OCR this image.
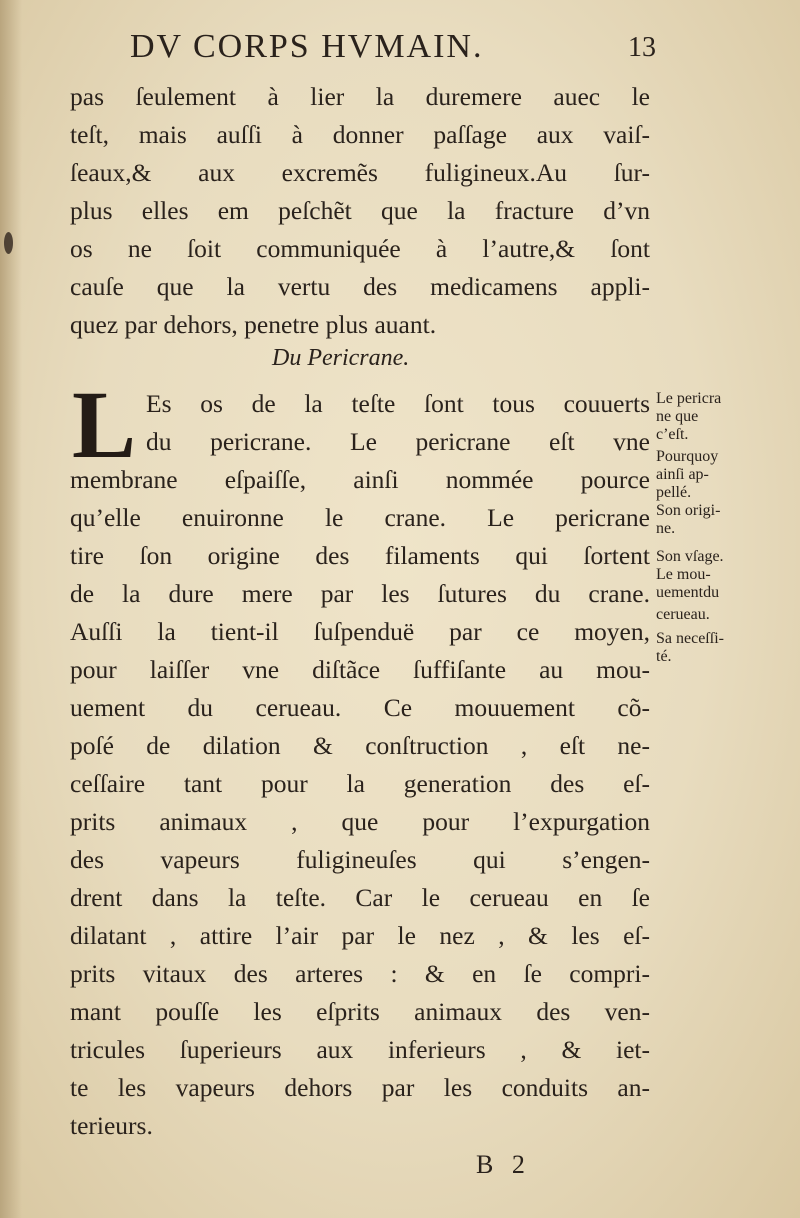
DV CORPS HVMAIN.	13
pas ſeulement à lier la duremere auec le
teſt, mais auſſi à donner paſſage aux vaiſ-
ſeaux,& aux excremẽs fuligineux.Au ſur-
plus elles em peſchẽt que la fracture d’vn
os ne ſoit communiquée à l’autre,& ſont
cauſe que la vertu des medicamens appli-
quez par dehors, penetre plus auant.
Du Pericrane.
L Es os de la teſte ſont tous couuerts
du pericrane. Le pericrane eſt vne
membrane eſpaiſſe, ainſi nommée pource
qu’elle enuironne le crane. Le pericrane
tire ſon origine des filaments qui ſortent
de la dure mere par les ſutures du crane.
Auſſi la tient-il ſuſpenduë par ce moyen,
pour laiſſer vne diſtãce ſuffiſante au mou-
uement du cerueau. Ce mouuement cõ-
poſé de dilation & conſtruction , eſt ne-
ceſſaire tant pour la generation des eſ-
prits animaux , que pour l’expurgation
des vapeurs fuligineuſes qui s’engen-
drent dans la teſte. Car le cerueau en ſe
dilatant , attire l’air par le nez , & les eſ-
prits vitaux des arteres : & en ſe compri-
mant pouſſe les eſprits animaux des ven-
tricules ſuperieurs aux inferieurs , & iet-
te les vapeurs dehors par les conduits an-
terieurs.
Le pericra
ne que
c’eſt.
Pourquoy
ainſi ap-
pellé.
Son origi-
ne.
Son vſage.
Le mou-
uementdu
cerueau.
Sa neceſſi-
té.
B 2
